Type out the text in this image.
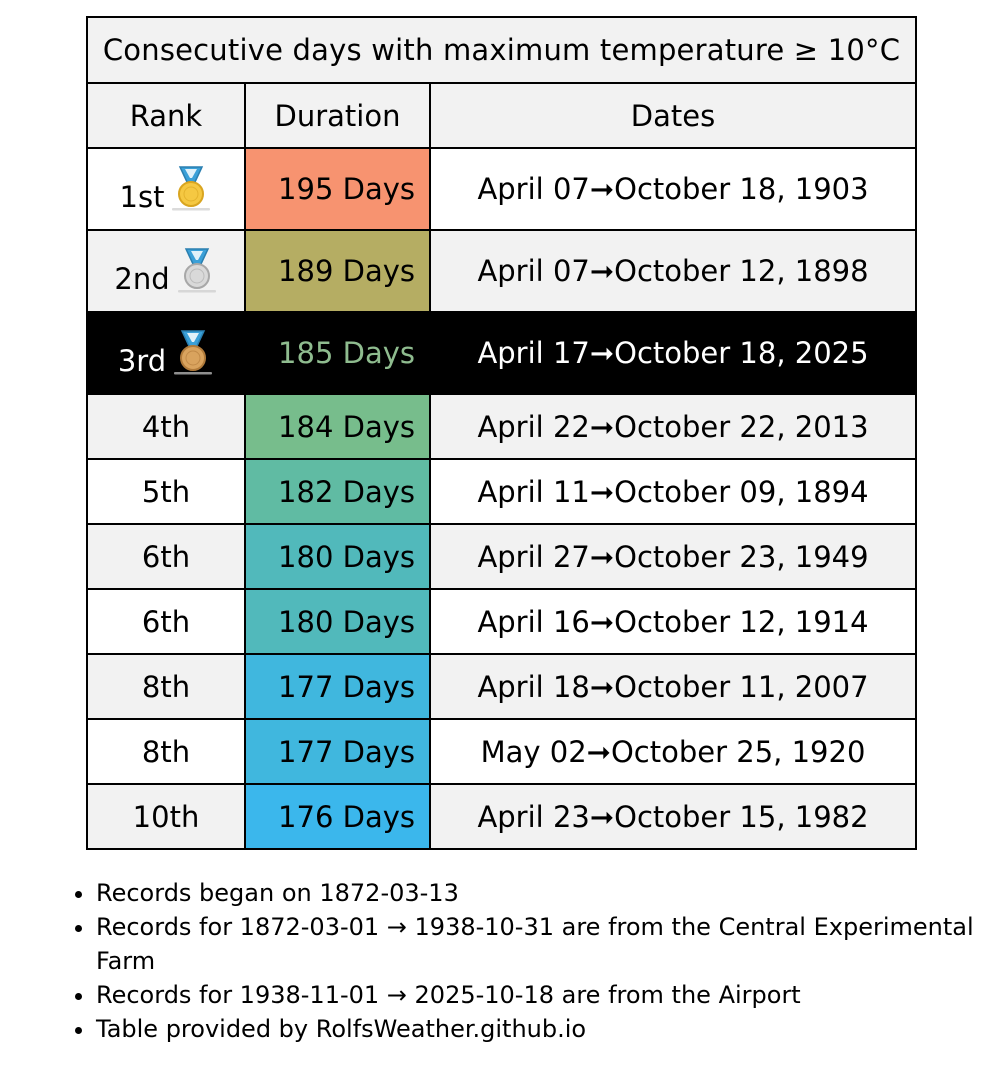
Consecutive days with maximum temperature ≥ 10°C		
Rank	Duration	Dates

1st	195 Days	April 07➞October 18, 1903

2nd	189 Days	April 07➞October 12, 1898

3rd	185 Days	April 17➞October 18, 2025
4th	184 Days	April 22➞October 22, 2013
5th	182 Days	April 11➞October 09, 1894
6th	180 Days	April 27➞October 23, 1949
6th	180 Days	April 16➞October 12, 1914
8th	177 Days	April 18➞October 11, 2007
8th	177 Days	May 02➞October 25, 1920
10th	176 Days	April 23➞October 15, 1982
• Records began on 1872-03-13
• Records for 1872-03-01 → 1938-10-31 are from the Central Experimental Farm
• Records for 1938-11-01 → 2025-10-18 are from the Airport
• Table provided by RolfsWeather.github.io
